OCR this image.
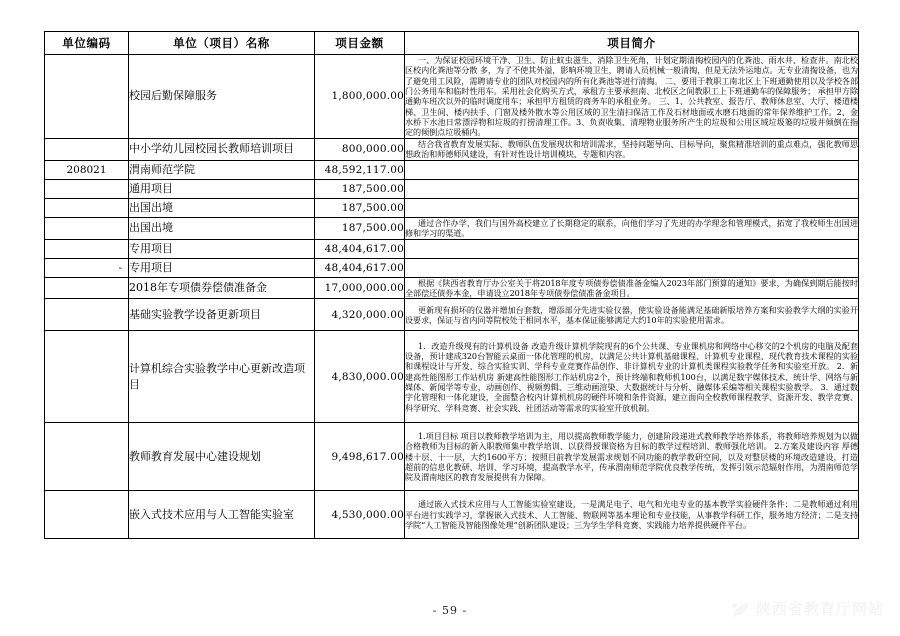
单位编码	单位（项目）名称	项目金额	项目简介
	校园后勤保障服务	1,800,000.00	一、为保证校园环境干净、卫生、防止蚊虫滋生、消除卫生死角，计划定期清掏校园内的化粪池、雨水井、检查井。南北校区校内化粪池等分散 多，为了不使其外溢，影响环境卫生，聘请人员机械一般清掏，但是无法外运地点。无专业清掏设备，也为了避免用工风险，需聘请专业的团队对校园内的所有化粪池等进行清掏。 二、要用于教职工南北区上下班通勤使用以及学校各部门公务用车和临时性用车。采用社会化购买方式，承租方主要承担南、北校区之间教职工上下班通勤车的保障服务； 承担甲方除通勤车班次以外的临时调度用车；承担甲方租赁的商务车的承租业务。 三、1、公共教室、报告厅、教师休息室、大厅、楼道楼梯、卫生间、楼内扶手、门窗及楼外散水等公用区域的卫生清扫保洁工作及石材地面或水磨石地面的常年保养维护工作。2、金水桥下水池日常漂浮物和垃圾的打捞清理工作。3、负责收集、清理物业服务所产生的垃圾和公用区域垃圾篓的垃圾并倾倒在指定的倾倒点垃圾桶内。

	中小学幼儿园校园长教师培训项目	800,000.00	结合我省教育发展实际、教师队伍发展现状和培训需求，坚持问题导向、目标导向，聚焦精准培训的重点难点，强化教师思想政治和师德师风建设，有针对性设计培训模块、专题和内容。

208021	渭南师范学院	48,592,117.00	

	通用项目	187,500.00	

	出国出境	187,500.00	

	出国出境	187,500.00	通过合作办学，我们与国外高校建立了长期稳定的联系，向他们学习了先进的办学理念和管理模式，拓宽了我校师生出国进修和学习的渠道。

	专用项目	48,404,617.00	

-	专用项目	48,404,617.00	

	2018年专项债券偿债准备金	17,000,000.00	根据《陕西省教育厅办公室关于将2018年度专项债券偿债准备金编入2023年部门预算的通知》要求，为确保到期后能按时全部偿还债券本金，申请设立2018年专项债券偿债准备金项目。

	基础实验教学设备更新项目	4,320,000.00	更新现有损坏的仪器并增加台套数，增添部分先进实验仪器，使实验设备能满足基础新版培养方案和实验教学大纲的实验开设要求，保证与省内同等院校处于相同水平，基本保证能够满足大约10年的实验使用需求。

	计算机综合实验教学中心更新改造项目	4,830,000.00	1．改造升级现有的计算机设备 改造升级计算机学院现有的6个公共课、专业课机房和网络中心移交的2个机房的电脑及配套设备，预计建成320台智能云桌面一体化管理的机房，以满足公共计算机基础课程、计算机专业课程、现代教育技术课程的实验和课程设计与开发、综合实验实训、学科专业竞赛作品创作、非计算机专业的计算机类课程实验教学任务和实验室开放。 2．新建高性能图形工作站机房 新建高性能图形工作站机房2个，预计终端和教师机100台，以满足数字媒体技术、统计学、网络与新媒体、新闻学等专业，动画创作、视频剪辑、三维动画渲染、大数据统计与分析、融媒体采编等相关课程实验教学。 3．通过数字化管理和一体化建设，全面整合校内计算机机房的硬件环境和条件资源，建立面向全校教师课程教学、资源开发、教学竞赛、科学研究、学科竞赛、社会实践、社团活动等需求的实验室开放机制。

	教师教育发展中心建设规划	9,498,617.00	1.项目目标 项目以教师教学培训为主，用以提高教师教学能力，创建阶段递进式教师教学培养体系，将教师培养规划为以做合格教师为目标的新入职教师集中教学培训、以获得授课资格为目标的教学过程培训、教师强化培训。 2.方案及建设内容 厚德楼十层、十一层，大约1600平方；按照目前教学发展需求规划不同功能的教学教研空间，以及对整层楼的环境改造建设，打造超前的信息化教研、培训、学习环境，提高教学水平，传承渭南师范学院优良教学传统，发挥引领示范辐射作用，为渭南师范学院及渭南地区的教育发展提供有力保障。

	嵌入式技术应用与人工智能实验室	4,530,000.00	通过嵌入式技术应用与人工智能实验室建设，一是满足电子、电气和光电专业的基本教学实验硬件条件；二是教师通过利用平台进行实践学习，掌握嵌入式技术、人工智能、物联网等基本理论和专业技能，从事教学科研工作，服务地方经济；二是支持学院“人工智能及智能图像处理”创新团队建设；三为学生学科竞赛、实践能力培养提供硬件平台。
- 59 -	陕西省教育厅网站
